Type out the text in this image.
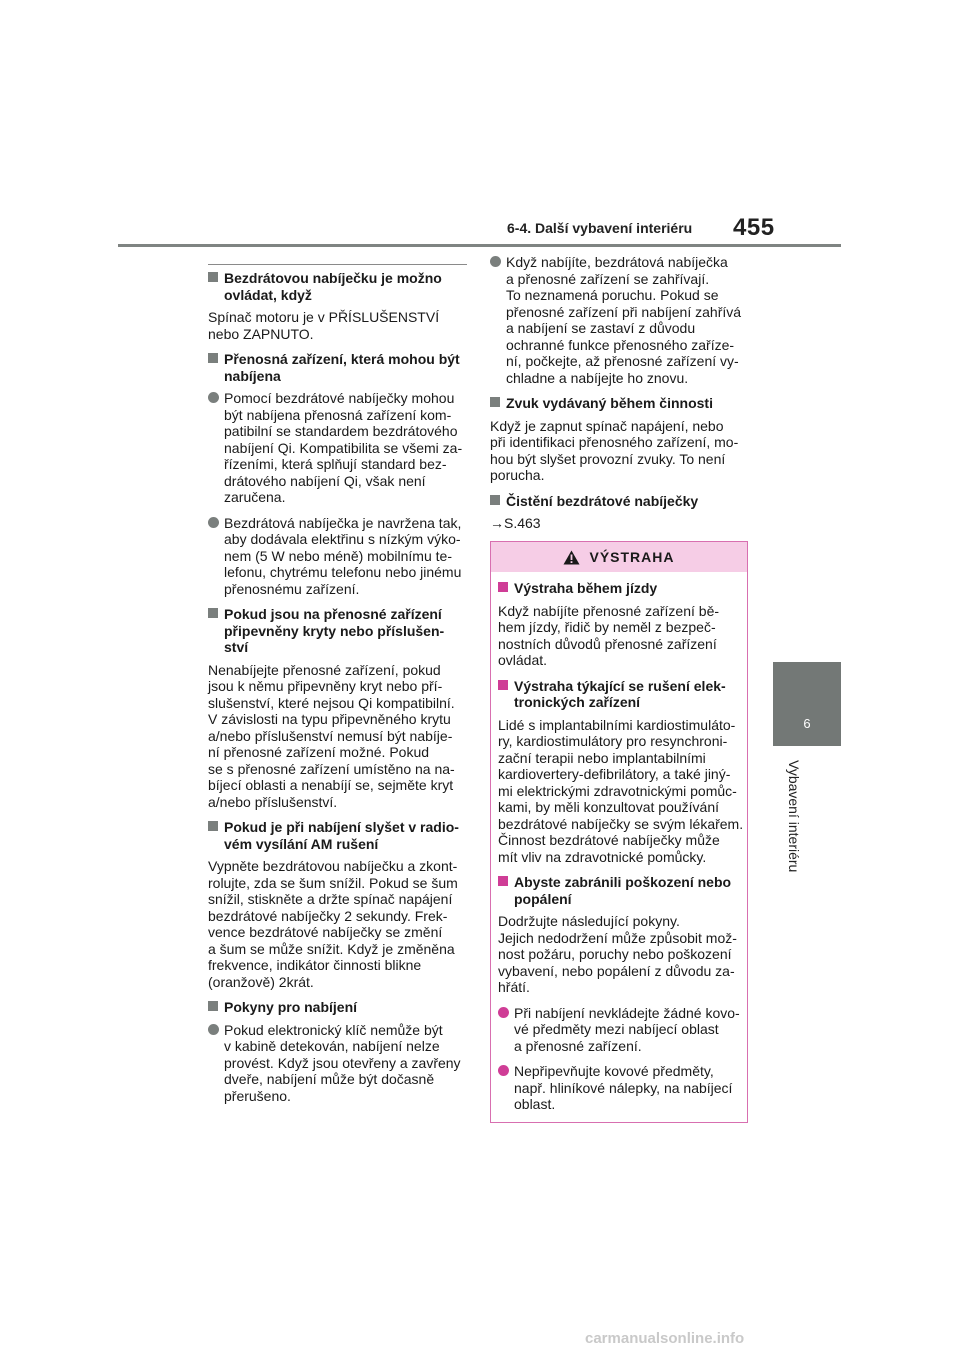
6-4. Další vybavení interiéru 455
6
Vybavení interiéru
Bezdrátovou nabíječku je možno
ovládat, když
Spínač motoru je v PŘÍSLUŠENSTVÍ
nebo ZAPNUTO.
Přenosná zařízení, která mohou být
nabíjena
Pomocí bezdrátové nabíječky mohou
být nabíjena přenosná zařízení kom-
patibilní se standardem bezdrátového
nabíjení Qi. Kompatibilita se všemi za-
řízeními, která splňují standard bez-
drátového nabíjení Qi, však není
zaručena.
Bezdrátová nabíječka je navržena tak,
aby dodávala elektřinu s nízkým výko-
nem (5 W nebo méně) mobilnímu te-
lefonu, chytrému telefonu nebo jinému
přenosnému zařízení.
Pokud jsou na přenosné zařízení
připevněny kryty nebo příslušen-
ství
Nenabíjejte přenosné zařízení, pokud
jsou k němu připevněny kryt nebo pří-
slušenství, které nejsou Qi kompatibilní.
V závislosti na typu připevněného krytu
a/nebo příslušenství nemusí být nabíje-
ní přenosné zařízení možné. Pokud
se s přenosné zařízení umístěno na na-
bíjecí oblasti a nenabíjí se, sejměte kryt
a/nebo příslušenství.
Pokud je při nabíjení slyšet v radio-
vém vysílání AM rušení
Vypněte bezdrátovou nabíječku a zkont-
rolujte, zda se šum snížil. Pokud se šum
snížil, stiskněte a držte spínač napájení
bezdrátové nabíječky 2 sekundy. Frek-
vence bezdrátové nabíječky se změní
a šum se může snížit. Když je změněna
frekvence, indikátor činnosti blikne
(oranžově) 2krát.
Pokyny pro nabíjení
Pokud elektronický klíč nemůže být
v kabině detekován, nabíjení nelze
provést. Když jsou otevřeny a zavřeny
dveře, nabíjení může být dočasně
přerušeno.
Když nabíjíte, bezdrátová nabíječka
a přenosné zařízení se zahřívají.
To neznamená poruchu. Pokud se
přenosné zařízení při nabíjení zahřívá
a nabíjení se zastaví z důvodu
ochranné funkce přenosného zaříze-
ní, počkejte, až přenosné zařízení vy-
chladne a nabíjejte ho znovu.
Zvuk vydávaný během činnosti
Když je zapnut spínač napájení, nebo
při identifikaci přenosného zařízení, mo-
hou být slyšet provozní zvuky. To není
porucha.
Čistění bezdrátové nabíječky
→S.463
VÝSTRAHA
Výstraha během jízdy
Když nabíjíte přenosné zařízení bě-
hem jízdy, řidič by neměl z bezpeč-
nostních důvodů přenosné zařízení
ovládat.
Výstraha týkající se rušení elek-
tronických zařízení
Lidé s implantabilními kardiostimuláto-
ry, kardiostimulátory pro resynchroni-
zační terapii nebo implantabilními
kardiovertery-defibrilátory, a také jiný-
mi elektrickými zdravotnickými pomůc-
kami, by měli konzultovat používání
bezdrátové nabíječky se svým lékařem.
Činnost bezdrátové nabíječky může
mít vliv na zdravotnické pomůcky.
Abyste zabránili poškození nebo
popálení
Dodržujte následující pokyny.
Jejich nedodržení může způsobit mož-
nost požáru, poruchy nebo poškození
vybavení, nebo popálení z důvodu za-
hřátí.
Při nabíjení nevkládejte žádné kovo-
vé předměty mezi nabíjecí oblast
a přenosné zařízení.
Nepřipevňujte kovové předměty,
např. hliníkové nálepky, na nabíjecí
oblast.
carmanualsonline.info
